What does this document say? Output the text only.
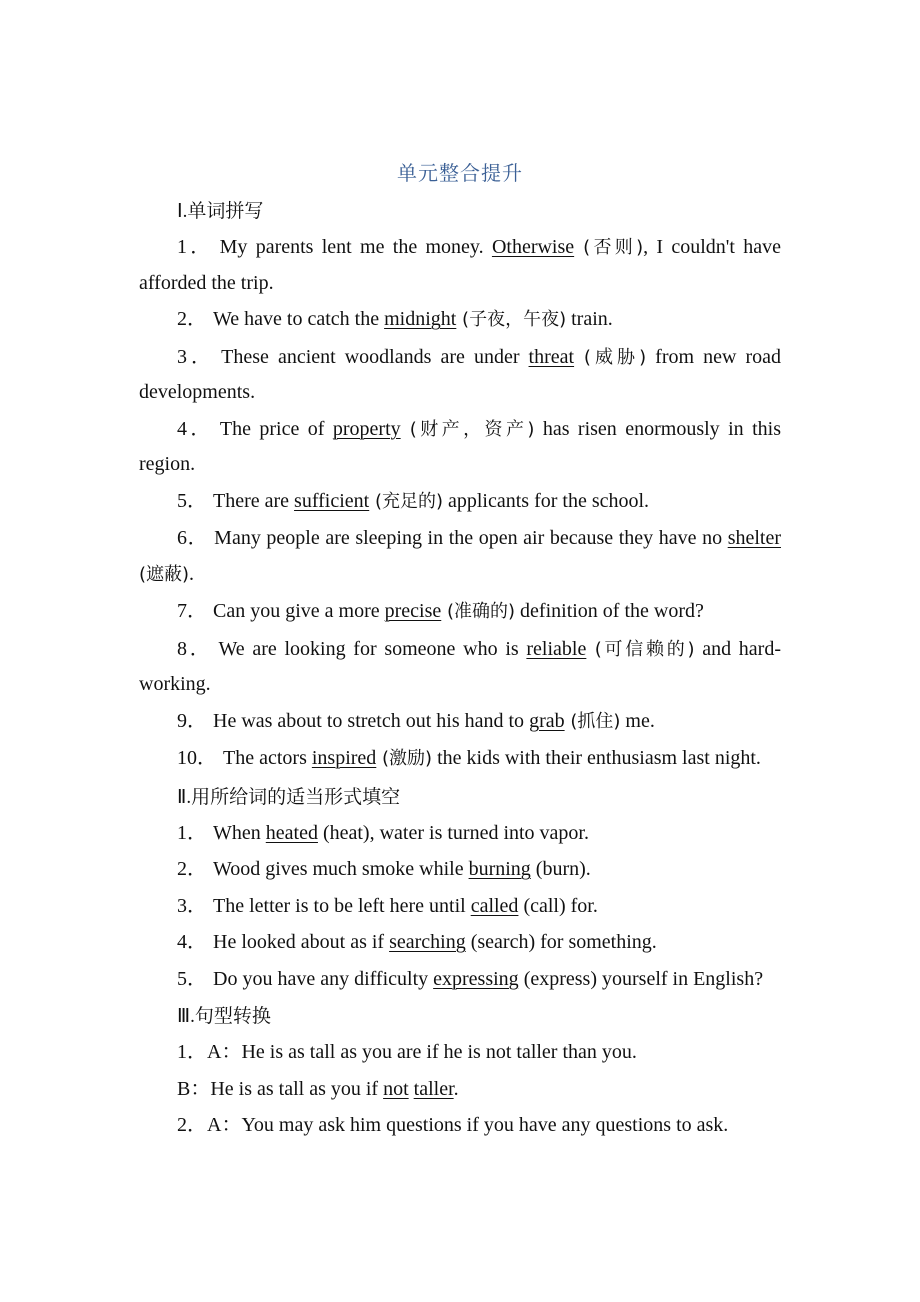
单元整合提升
Ⅰ.单词拼写

1． My parents lent me the money. Otherwise (否则), I couldn't have afforded the trip.

2． We have to catch the midnight (子夜，午夜) train.

3． These ancient woodlands are under threat (威胁) from new road developments.

4． The price of property (财产，资产) has risen enormously in this region.

5． There are sufficient (充足的) applicants for the school.

6． Many people are sleeping in the open air because they have no shelter (遮蔽).

7． Can you give a more precise (准确的) definition of the word?

8． We are looking for someone who is reliable (可信赖的) and hard-working.

9． He was about to stretch out his hand to grab (抓住) me.

10． The actors inspired (激励) the kids with their enthusiasm last night.

Ⅱ.用所给词的适当形式填空

1． When heated (heat), water is turned into vapor.

2． Wood gives much smoke while burning (burn).

3． The letter is to be left here until called (call) for.

4． He looked about as if searching (search) for something.

5． Do you have any difficulty expressing (express) yourself in English?

Ⅲ.句型转换

1．A：He is as tall as you are if he is not taller than you.

B：He is as tall as you if not taller.

2．A：You may ask him questions if you have any questions to ask.
